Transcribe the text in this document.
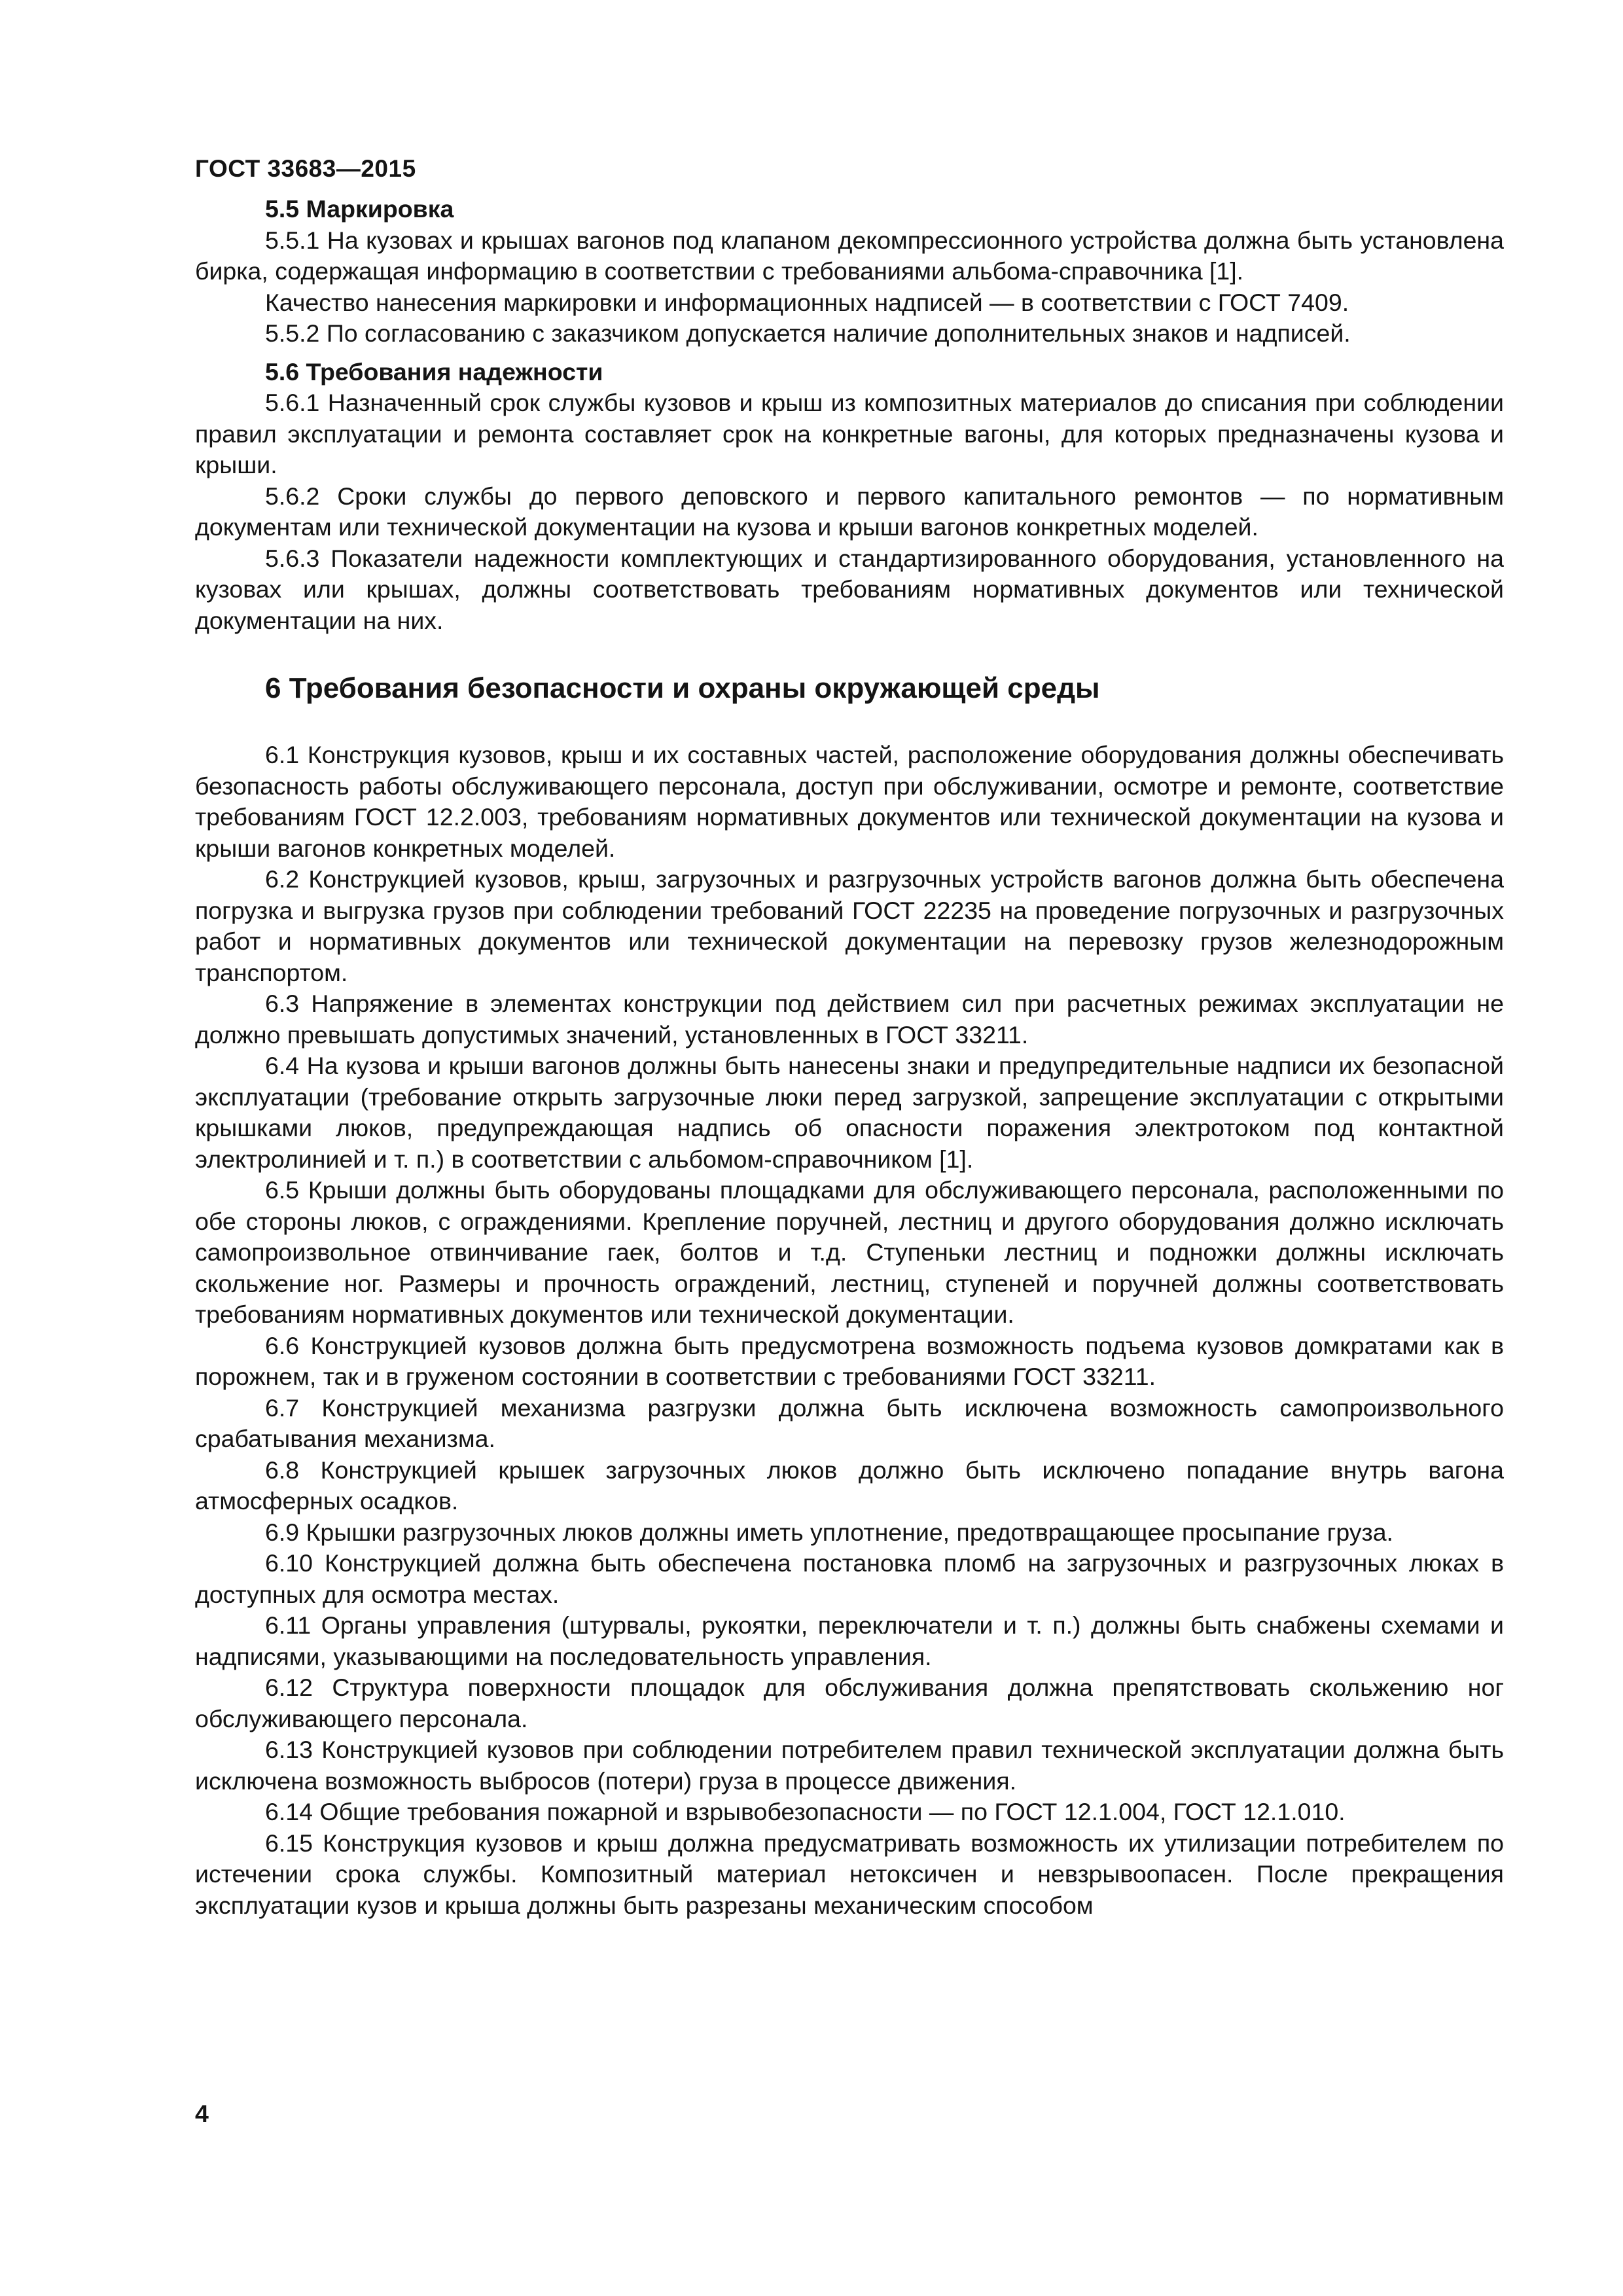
ГОСТ 33683—2015

5.5 Маркировка

5.5.1 На кузовах и крышах вагонов под клапаном декомпрессионного устройства должна быть установлена бирка, содержащая информацию в соответствии с требованиями альбома-справочника [1].

Качество нанесения маркировки и информационных надписей — в соответствии с ГОСТ 7409.

5.5.2 По согласованию с заказчиком допускается наличие дополнительных знаков и надписей.

5.6 Требования надежности

5.6.1 Назначенный срок службы кузовов и крыш из композитных материалов до списания при соблюдении правил эксплуатации и ремонта составляет срок на конкретные вагоны, для которых предназначены кузова и крыши.

5.6.2 Сроки службы до первого деповского и первого капитального ремонтов — по нормативным документам или технической документации на кузова и крыши вагонов конкретных моделей.

5.6.3 Показатели надежности комплектующих и стандартизированного оборудования, установленного на кузовах или крышах, должны соответствовать требованиям нормативных документов или технической документации на них.

6 Требования безопасности и охраны окружающей среды

6.1 Конструкция кузовов, крыш и их составных частей, расположение оборудования должны обеспечивать безопасность работы обслуживающего персонала, доступ при обслуживании, осмотре и ремонте, соответствие требованиям ГОСТ 12.2.003, требованиям нормативных документов или технической документации на кузова и крыши вагонов конкретных моделей.

6.2 Конструкцией кузовов, крыш, загрузочных и разгрузочных устройств вагонов должна быть обеспечена погрузка и выгрузка грузов при соблюдении требований ГОСТ 22235 на проведение погрузочных и разгрузочных работ и нормативных документов или технической документации на перевозку грузов железнодорожным транспортом.

6.3 Напряжение в элементах конструкции под действием сил при расчетных режимах эксплуатации не должно превышать допустимых значений, установленных в ГОСТ 33211.

6.4 На кузова и крыши вагонов должны быть нанесены знаки и предупредительные надписи их безопасной эксплуатации (требование открыть загрузочные люки перед загрузкой, запрещение эксплуатации с открытыми крышками люков, предупреждающая надпись об опасности поражения электротоком под контактной электролинией и т. п.) в соответствии с альбомом-справочником [1].

6.5 Крыши должны быть оборудованы площадками для обслуживающего персонала, расположенными по обе стороны люков, с ограждениями. Крепление поручней, лестниц и другого оборудования должно исключать самопроизвольное отвинчивание гаек, болтов и т.д. Ступеньки лестниц и подножки должны исключать скольжение ног. Размеры и прочность ограждений, лестниц, ступеней и поручней должны соответствовать требованиям нормативных документов или технической документации.

6.6 Конструкцией кузовов должна быть предусмотрена возможность подъема кузовов домкратами как в порожнем, так и в груженом состоянии в соответствии с требованиями ГОСТ 33211.

6.7 Конструкцией механизма разгрузки должна быть исключена возможность самопроизвольного срабатывания механизма.

6.8 Конструкцией крышек загрузочных люков должно быть исключено попадание внутрь вагона атмосферных осадков.

6.9 Крышки разгрузочных люков должны иметь уплотнение, предотвращающее просыпание груза.

6.10 Конструкцией должна быть обеспечена постановка пломб на загрузочных и разгрузочных люках в доступных для осмотра местах.

6.11 Органы управления (штурвалы, рукоятки, переключатели и т. п.) должны быть снабжены схемами и надписями, указывающими на последовательность управления.

6.12 Структура поверхности площадок для обслуживания должна препятствовать скольжению ног обслуживающего персонала.

6.13 Конструкцией кузовов при соблюдении потребителем правил технической эксплуатации должна быть исключена возможность выбросов (потери) груза в процессе движения.

6.14 Общие требования пожарной и взрывобезопасности — по ГОСТ 12.1.004, ГОСТ 12.1.010.

6.15 Конструкция кузовов и крыш должна предусматривать возможность их утилизации потребителем по истечении срока службы. Композитный материал нетоксичен и невзрывоопасен. После прекращения эксплуатации кузов и крыша должны быть разрезаны механическим способом

4
